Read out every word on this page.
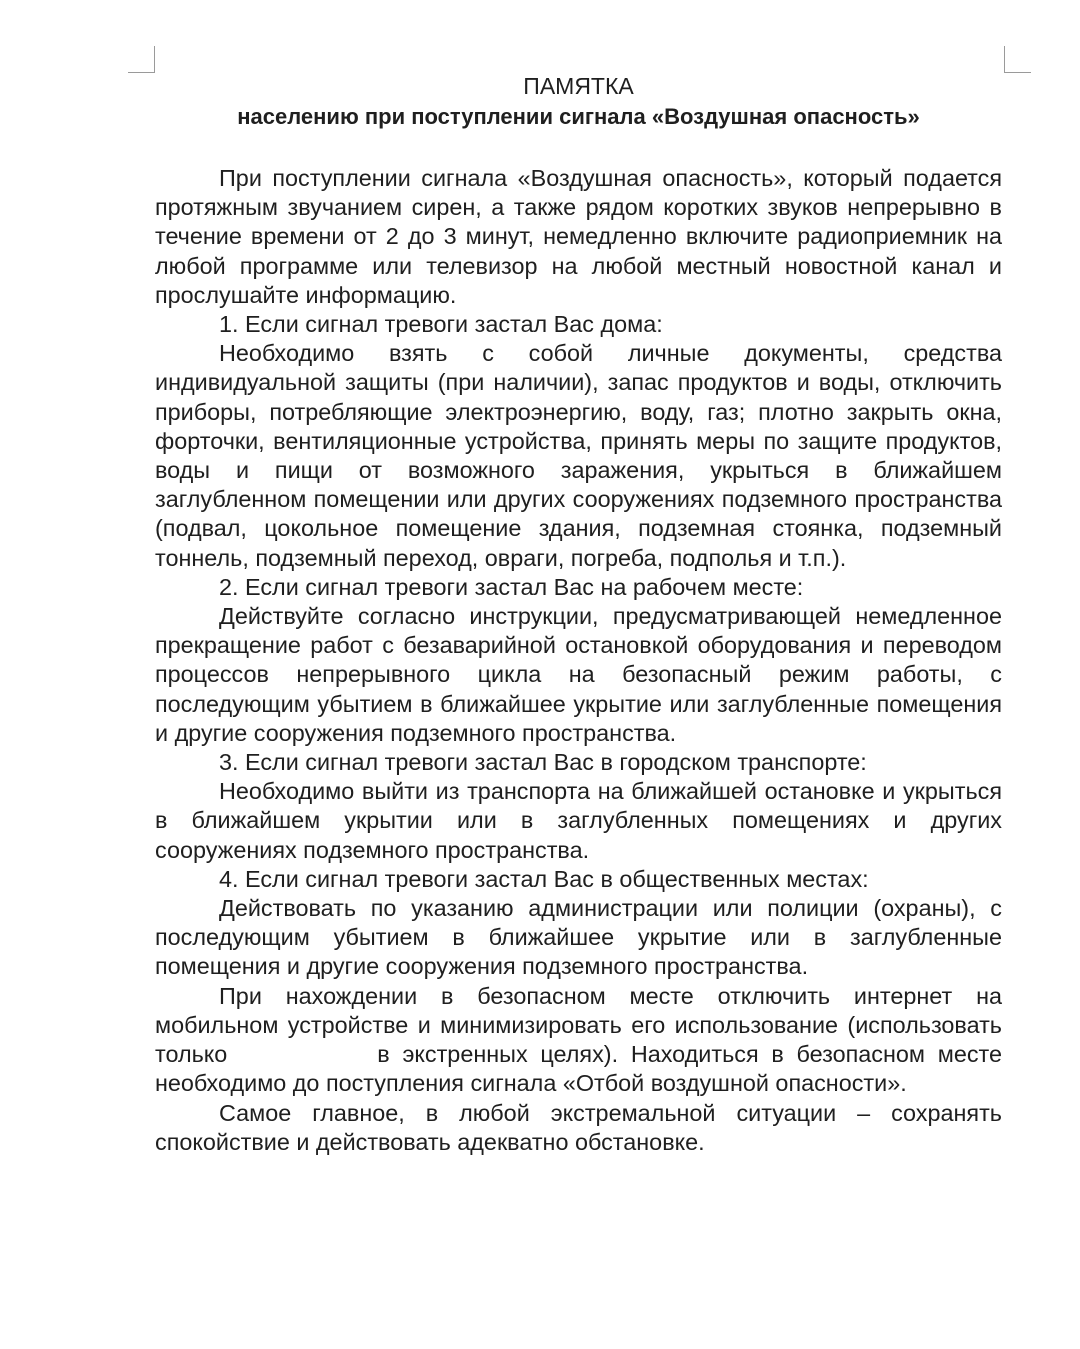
ПАМЯТКА
населению при поступлении сигнала «Воздушная опасность»

При поступлении сигнала «Воздушная опасность», который подается протяжным звучанием сирен, а также рядом коротких звуков непрерывно в течение времени от 2 до 3 минут, немедленно включите радиоприемник на любой программе или телевизор на любой местный новостной канал и прослушайте информацию.

1. Если сигнал тревоги застал Вас дома:

Необходимо взять с собой личные документы, средства индивидуальной защиты (при наличии), запас продуктов и воды, отключить приборы, потребляющие электроэнергию, воду, газ; плотно закрыть окна, форточки, вентиляционные устройства, принять меры по защите продуктов, воды и пищи от возможного заражения, укрыться в ближайшем заглубленном помещении или других сооружениях подземного пространства (подвал, цокольное помещение здания, подземная стоянка, подземный тоннель, подземный переход, овраги, погреба, подполья и т.п.).

2. Если сигнал тревоги застал Вас на рабочем месте:

Действуйте согласно инструкции, предусматривающей немедленное прекращение работ с безаварийной остановкой оборудования и переводом процессов непрерывного цикла на безопасный режим работы, с последующим убытием в ближайшее укрытие или заглубленные помещения и другие сооружения подземного пространства.

3. Если сигнал тревоги застал Вас в городском транспорте:

Необходимо выйти из транспорта на ближайшей остановке и укрыться в ближайшем укрытии или в заглубленных помещениях и других сооружениях подземного пространства.

4. Если сигнал тревоги застал Вас в общественных местах:

Действовать по указанию администрации или полиции (охраны), с последующим убытием в ближайшее укрытие или в заглубленные помещения и другие сооружения подземного пространства.

При нахождении в безопасном месте отключить интернет на мобильном устройстве и минимизировать его использование (использовать только	в экстренных целях). Находиться в безопасном месте необходимо до поступления сигнала «Отбой воздушной опасности».

Самое главное, в любой экстремальной ситуации – сохранять спокойствие и действовать адекватно обстановке.
